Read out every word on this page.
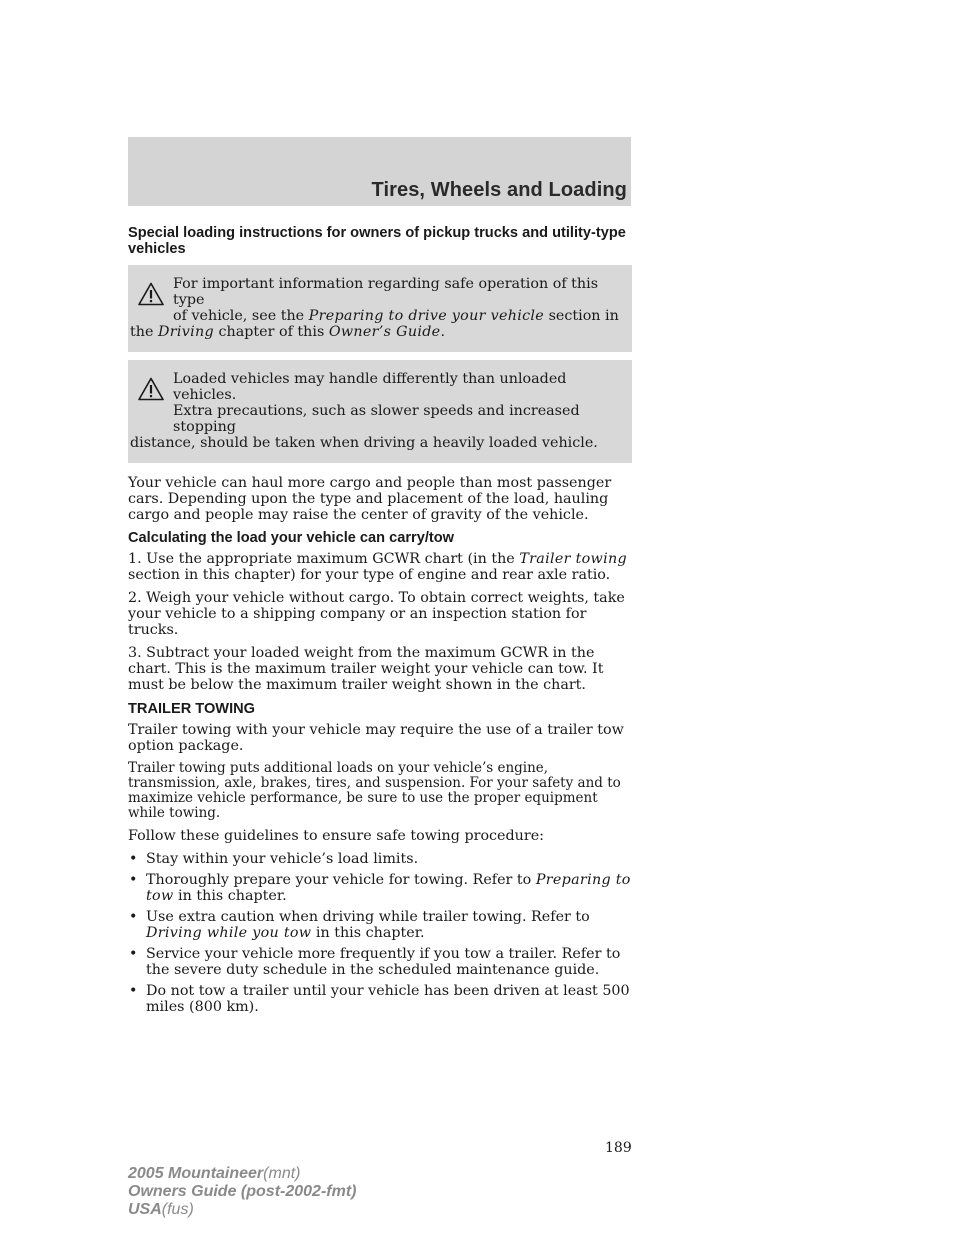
Tires, Wheels and Loading
Special loading instructions for owners of pickup trucks and utility-type vehicles
For important information regarding safe operation of this type
of vehicle, see the Preparing to drive your vehicle section in
the Driving chapter of this Owner’s Guide.
Loaded vehicles may handle differently than unloaded vehicles.
Extra precautions, such as slower speeds and increased stopping
distance, should be taken when driving a heavily loaded vehicle.

Your vehicle can haul more cargo and people than most passenger cars. Depending upon the type and placement of the load, hauling cargo and people may raise the center of gravity of the vehicle.

Calculating the load your vehicle can carry/tow

1. Use the appropriate maximum GCWR chart (in the Trailer towing section in this chapter) for your type of engine and rear axle ratio.

2. Weigh your vehicle without cargo. To obtain correct weights, take your vehicle to a shipping company or an inspection station for trucks.

3. Subtract your loaded weight from the maximum GCWR in the chart. This is the maximum trailer weight your vehicle can tow. It must be below the maximum trailer weight shown in the chart.

TRAILER TOWING

Trailer towing with your vehicle may require the use of a trailer tow option package.

Trailer towing puts additional loads on your vehicle’s engine, transmission, axle, brakes, tires, and suspension. For your safety and to maximize vehicle performance, be sure to use the proper equipment while towing.

Follow these guidelines to ensure safe towing procedure:

• Stay within your vehicle’s load limits.
• Thoroughly prepare your vehicle for towing. Refer to Preparing to tow in this chapter.
• Use extra caution when driving while trailer towing. Refer to Driving while you tow in this chapter.
• Service your vehicle more frequently if you tow a trailer. Refer to the severe duty schedule in the scheduled maintenance guide.
• Do not tow a trailer until your vehicle has been driven at least 500 miles (800 km).
189
2005 Mountaineer(mnt)
Owners Guide (post-2002-fmt)
USA(fus)
